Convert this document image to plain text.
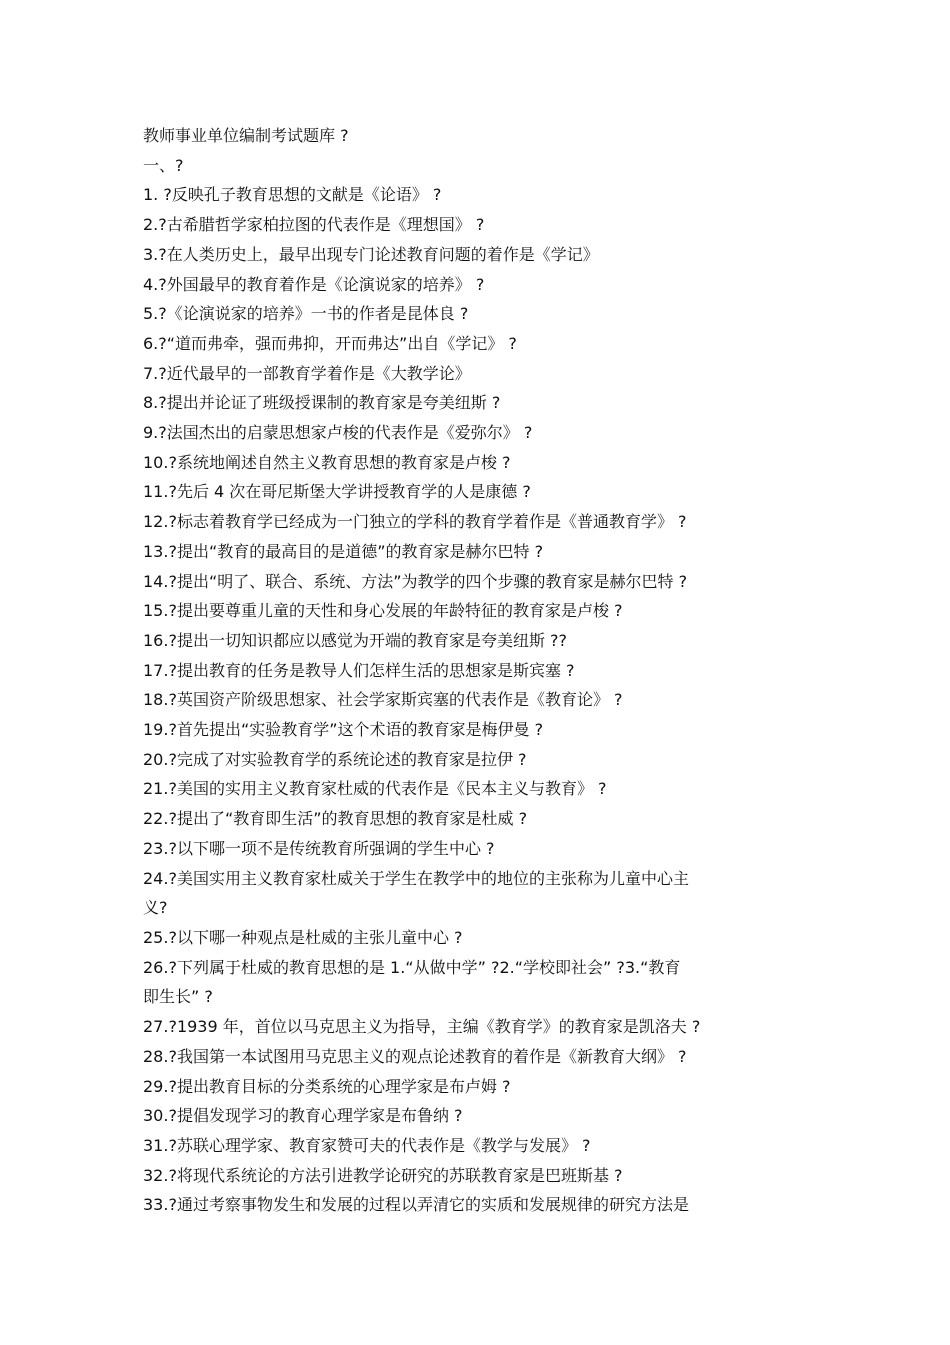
教师事业单位编制考试题库 ?

一、?

1. ?反映孔子教育思想的文献是《论语》 ?

2.?古希腊哲学家柏拉图的代表作是《理想国》 ?

3.?在人类历史上，最早出现专门论述教育问题的着作是《学记》

4.?外国最早的教育着作是《论演说家的培养》 ?

5.?《论演说家的培养》一书的作者是昆体良 ?

6.?“道而弗牵，强而弗抑，开而弗达”出自《学记》 ?

7.?近代最早的一部教育学着作是《大教学论》

8.?提出并论证了班级授课制的教育家是夸美纽斯 ?

9.?法国杰出的启蒙思想家卢梭的代表作是《爱弥尔》 ?

10.?系统地阐述自然主义教育思想的教育家是卢梭 ?

11.?先后 4 次在哥尼斯堡大学讲授教育学的人是康德 ?

12.?标志着教育学已经成为一门独立的学科的教育学着作是《普通教育学》 ?

13.?提出“教育的最高目的是道德”的教育家是赫尔巴特 ?

14.?提出“明了、联合、系统、方法”为教学的四个步骤的教育家是赫尔巴特 ?

15.?提出要尊重儿童的天性和身心发展的年龄特征的教育家是卢梭 ?

16.?提出一切知识都应以感觉为开端的教育家是夸美纽斯 ??

17.?提出教育的任务是教导人们怎样生活的思想家是斯宾塞 ?

18.?英国资产阶级思想家、社会学家斯宾塞的代表作是《教育论》 ?

19.?首先提出“实验教育学”这个术语的教育家是梅伊曼 ?

20.?完成了对实验教育学的系统论述的教育家是拉伊 ?

21.?美国的实用主义教育家杜威的代表作是《民本主义与教育》 ?

22.?提出了“教育即生活”的教育思想的教育家是杜威 ?

23.?以下哪一项不是传统教育所强调的学生中心 ?

24.?美国实用主义教育家杜威关于学生在教学中的地位的主张称为儿童中心主

义?

25.?以下哪一种观点是杜威的主张儿童中心 ?

26.?下列属于杜威的教育思想的是 1.“从做中学” ?2.“学校即社会” ?3.“教育

即生长” ?

27.?1939 年，首位以马克思主义为指导，主编《教育学》的教育家是凯洛夫 ?

28.?我国第一本试图用马克思主义的观点论述教育的着作是《新教育大纲》 ?

29.?提出教育目标的分类系统的心理学家是布卢姆 ?

30.?提倡发现学习的教育心理学家是布鲁纳 ?

31.?苏联心理学家、教育家赞可夫的代表作是《教学与发展》 ?

32.?将现代系统论的方法引进教学论研究的苏联教育家是巴班斯基 ?

33.?通过考察事物发生和发展的过程以弄清它的实质和发展规律的研究方法是
